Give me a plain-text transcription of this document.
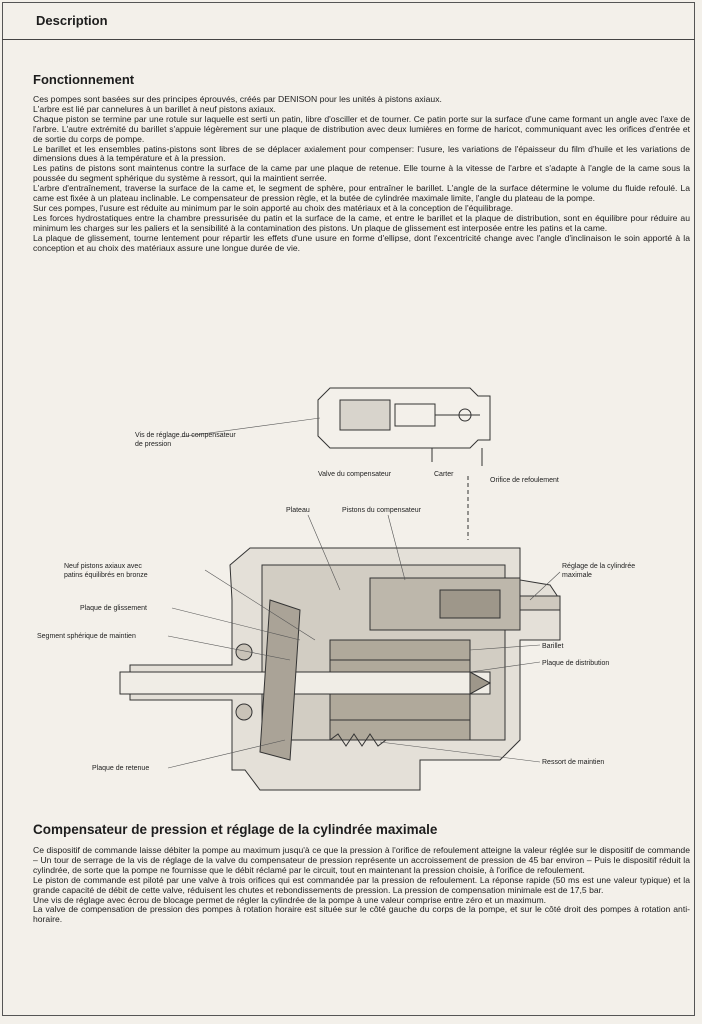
Description
Fonctionnement

Ces pompes sont basées sur des principes éprouvés, créés par DENISON pour les unités à pistons axiaux.

L'arbre est lié par cannelures à un barillet à neuf pistons axiaux.

Chaque piston se termine par une rotule sur laquelle est serti un patin, libre d'osciller et de tourner. Ce patin porte sur la surface d'une came formant un angle avec l'axe de l'arbre. L'autre extrémité du barillet s'appuie légèrement sur une plaque de distribution avec deux lumières en forme de haricot, communiquant avec les orifices d'entrée et de sortie du corps de pompe.

Le barillet et les ensembles patins-pistons sont libres de se déplacer axialement pour compenser: l'usure, les variations de l'épaisseur du film d'huile et les variations de dimensions dues à la température et à la pression.

Les patins de pistons sont maintenus contre la surface de la came par une plaque de retenue. Elle tourne à la vitesse de l'arbre et s'adapte à l'angle de la came sous la poussée du segment sphérique du système à ressort, qui la maintient serrée.

L'arbre d'entraînement, traverse la surface de la came et, le segment de sphère, pour entraîner le barillet. L'angle de la surface détermine le volume du fluide refoulé. La came est fixée à un plateau inclinable. Le compensateur de pression règle, et la butée de cylindrée maximale limite, l'angle du plateau de la pompe.

Sur ces pompes, l'usure est réduite au minimum par le soin apporté au choix des matériaux et à la conception de l'équilibrage.

Les forces hydrostatiques entre la chambre pressurisée du patin et la surface de la came, et entre le barillet et la plaque de distribution, sont en équilibre pour réduire au minimum les charges sur les paliers et la sensibilité à la contamination des pistons. Un plaque de glissement est interposée entre les patins et la came.

La plaque de glissement, tourne lentement pour répartir les effets d'une usure en forme d'ellipse, dont l'excentricité change avec l'angle d'inclinaison le soin apporté à la conception et au choix des matériaux assure une longue durée de vie.

Vis de réglage du compensateur
de pression
Valve du compensateur	Carter
Orifice de refoulement
Plateau	Pistons du compensateur
Neuf pistons axiaux avec
patins équilibrés en bronze
Réglage de la cylindrée
maximale
Plaque de glissement
Segment sphérique de maintien
Barillet
Plaque de distribution
Plaque de retenue
Ressort de maintien
Compensateur de pression et réglage de la cylindrée maximale

Ce dispositif de commande laisse débiter la pompe au maximum jusqu'à ce que la pression à l'orifice de refoulement atteigne la valeur réglée sur le dispositif de commande – Un tour de serrage de la vis de réglage de la valve du compensateur de pression représente un accroissement de pression de 45 bar environ – Puis le dispositif réduit la cylindrée, de sorte que la pompe ne fournisse que le débit réclamé par le circuit, tout en maintenant la pression choisie, à l'orifice de refoulement.

Le piston de commande est piloté par une valve à trois orifices qui est commandée par la pression de refoulement. La réponse rapide (50 ms est une valeur typique) et la grande capacité de débit de cette valve, réduisent les chutes et rebondissements de pression. La pression de compensation minimale est de 17,5 bar.

Une vis de réglage avec écrou de blocage permet de régler la cylindrée de la pompe à une valeur comprise entre zéro et un maximum.

La valve de compensation de pression des pompes à rotation horaire est située sur le côté gauche du corps de la pompe, et sur le côté droit des pompes à rotation anti-horaire.
